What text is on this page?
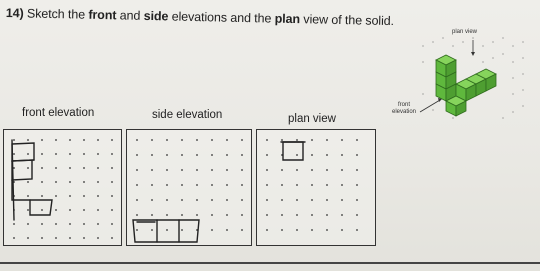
14) Sketch the front and side elevations and the plan view of the solid.
plan view
front
elevation
front elevation	side elevation	plan view
